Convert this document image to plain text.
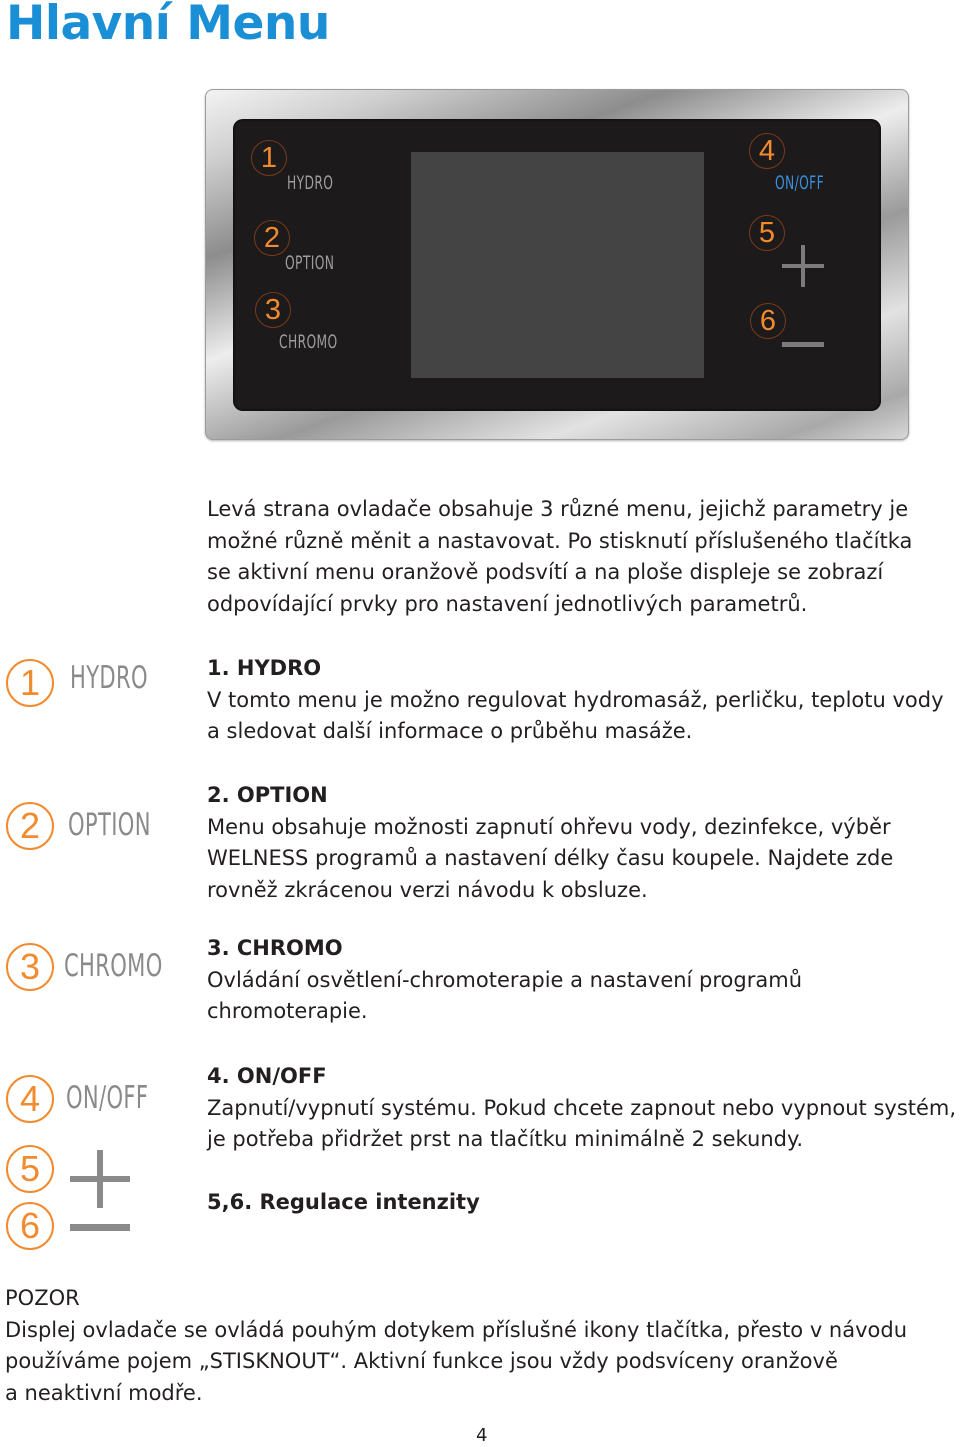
Hlavní Menu
1
HYDRO
2
OPTION
3
CHROMO
4
ON/OFF
5
6
Levá strana ovladače obsahuje 3 různé menu, jejichž parametry je
možné různě měnit a nastavovat. Po stisknutí příslušeného tlačítka
se aktivní menu oranžově podsvítí a na ploše displeje se zobrazí
odpovídající prvky pro nastavení jednotlivých parametrů.
1. HYDRO
V tomto menu je možno regulovat hydromasáž, perličku, teplotu vody
a sledovat další informace o průběhu masáže.
2. OPTION
Menu obsahuje možnosti zapnutí ohřevu vody, dezinfekce, výběr
WELNESS programů a nastavení délky času koupele. Najdete zde
rovněž zkrácenou verzi návodu k obsluze.
3. CHROMO
Ovládání osvětlení-chromoterapie a nastavení programů
chromoterapie.
4. ON/OFF
Zapnutí/vypnutí systému. Pokud chcete zapnout nebo vypnout systém,
je potřeba přidržet prst na tlačítku minimálně 2 sekundy.
5,6. Regulace intenzity
1 HYDRO
2 OPTION
3 CHROMO
4 ON/OFF
5
6
POZOR
Displej ovladače se ovládá pouhým dotykem příslušné ikony tlačítka, přesto v návodu
používáme pojem „STISKNOUT“. Aktivní funkce jsou vždy podsvíceny oranžově
a neaktivní modře.
4
